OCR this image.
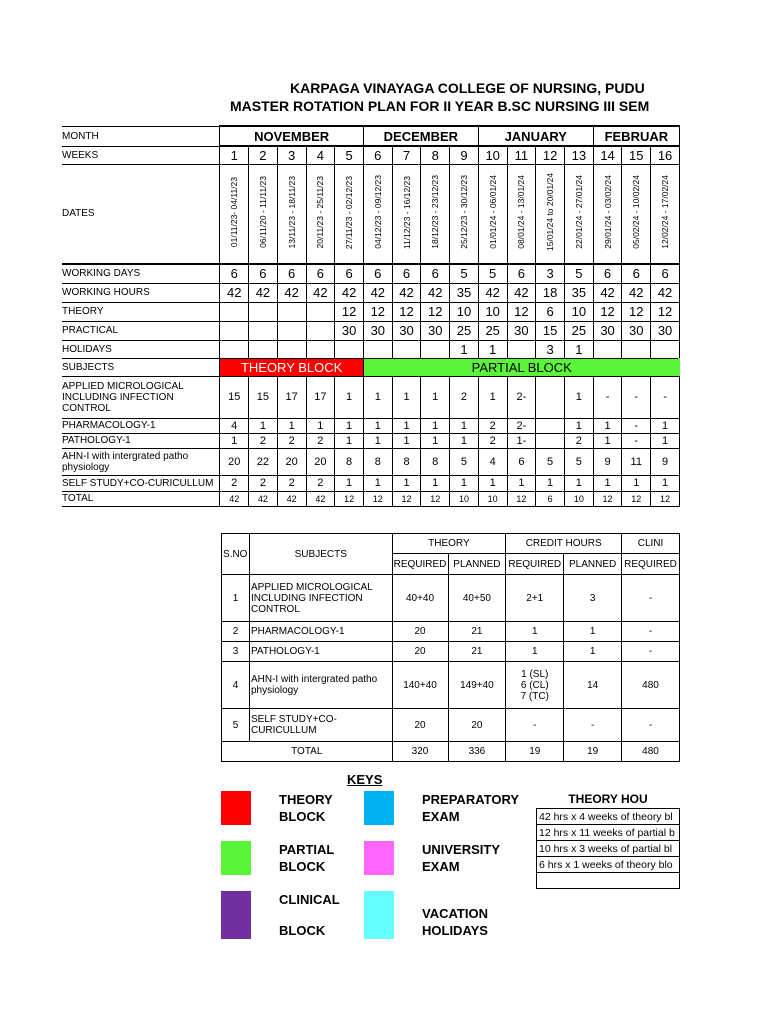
KARPAGA VINAYAGA COLLEGE OF NURSING, PUDU
MASTER ROTATION PLAN FOR II YEAR B.SC NURSING III SEM
MONTH	NOVEMBER					DECEMBER				JANUARY				FEBRUAR		
WEEKS	1	2	3	4	5	6	7	8	9	10	11	12	13	14	15	16
DATES	01/11/23- 04/11/23	06/11/20 - 11/11/23	13/11/23 - 18/11/23	20/11/23 - 25/11/23	27/11/23 - 02/12/23	04/12/23 - 09/12/23	11/12/23 - 16/12/23	18/12/23 - 23/12/23	25/12/23 - 30/12/23	01/01/24 - 06/01/24	08/01/24 - 13/01/24	15/01/24 to 20/01/24	22/01/24 - 27/01/24	29/01/24 - 03/02/24	05/02/24 - 10/02/24	12/02/24 - 17/02/24
WORKING DAYS	6	6	6	6	6	6	6	6	5	5	6	3	5	6	6	6
WORKING HOURS	42	42	42	42	42	42	42	42	35	42	42	18	35	42	42	42
THEORY					12	12	12	12	10	10	12	6	10	12	12	12
PRACTICAL					30	30	30	30	25	25	30	15	25	30	30	30
HOLIDAYS									1	1		3	1			
SUBJECTS	THEORY BLOCK					PARTIAL BLOCK										
APPLIED MICROLOGICAL INCLUDING INFECTION CONTROL	15	15	17	17	1	1	1	1	2	1	2-		1	-	-	-
PHARMACOLOGY-1	4	1	1	1	1	1	1	1	1	2	2-		1	1	-	1
PATHOLOGY-1	1	2	2	2	1	1	1	1	1	2	1-		2	1	-	1
AHN-I with intergrated patho physiology	20	22	20	20	8	8	8	8	5	4	6	5	5	9	11	9
SELF STUDY+CO-CURICULLUM	2	2	2	2	1	1	1	1	1	1	1	1	1	1	1	1
TOTAL	42	42	42	42	12	12	12	12	10	10	12	6	10	12	12	12
S.NO	SUBJECTS	THEORY		CREDIT HOURS		CLINI
		REQUIRED	PLANNED	REQUIRED	PLANNED	REQUIRED
1	APPLIED MICROLOGICAL INCLUDING INFECTION CONTROL	40+40	40+50	2+1	3	-
2	PHARMACOLOGY-1	20	21	1	1	-
3	PATHOLOGY-1	20	21	1	1	-
4	AHN-I with intergrated patho physiology	140+40	149+40	1 (SL)
6 (CL)
7 (TC)	14	480
5	SELF STUDY+CO-CURICULLUM	20	20	-	-	-
TOTAL		320	336	19	19	480
KEYS
THEORY
BLOCK
PARTIAL
BLOCK
CLINICAL
BLOCK
PREPARATORY
EXAM
UNIVERSITY
EXAM
VACATION
HOLIDAYS
THEORY HOU
42 hrs x 4 weeks of theory bl
12 hrs x 11 weeks of partial b
10 hrs x 3 weeks of partial bl
6 hrs x 1 weeks of theory blo
